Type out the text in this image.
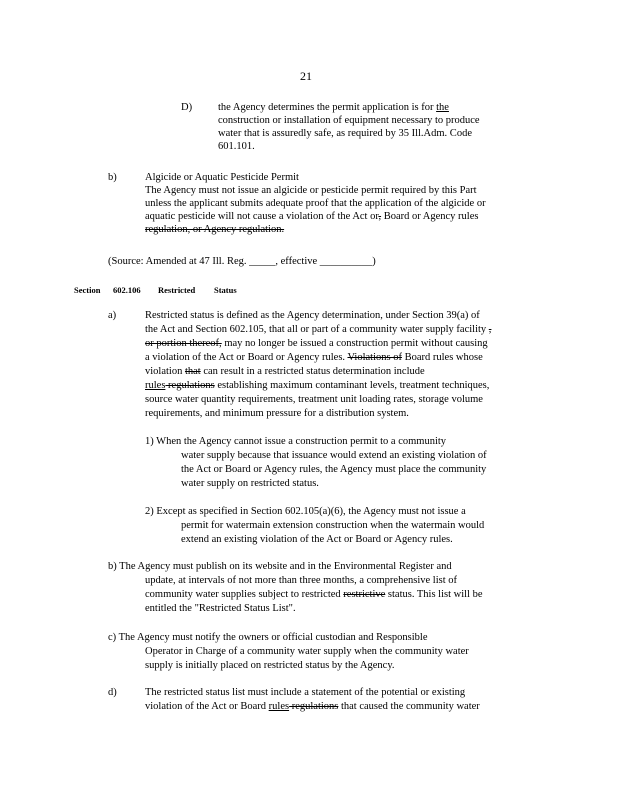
21
D) the Agency determines the permit application is for the
construction or installation of equipment necessary to produce
water that is assuredly safe, as required by 35 Ill.Adm. Code
601.101.
b)	Algicide or Aquatic Pesticide Permit
The Agency must not issue an algicide or pesticide permit required by this Part
unless the applicant submits adequate proof that the application of the algicide or
aquatic pesticide will not cause a violation of the Act or, Board or Agency rules
regulation, or Agency regulation.
(Source: Amended at 47 Ill. Reg. _____, effective __________)
Section 602.106 Restricted Status
a)	Restricted status is defined as the Agency determination, under Section 39(a) of
the Act and Section 602.105, that all or part of a community water supply facility ,
or portion thereof, may no longer be issued a construction permit without causing
a violation of the Act or Board or Agency rules. Violations of Board rules whose
violation that can result in a restricted status determination include
rules regulations establishing maximum contaminant levels, treatment techniques,
source water quantity requirements, treatment unit loading rates, storage volume
requirements, and minimum pressure for a distribution system.
1) When the Agency cannot issue a construction permit to a community
water supply because that issuance would extend an existing violation of
the Act or Board or Agency rules, the Agency must place the community
water supply on restricted status.
2) Except as specified in Section 602.105(a)(6), the Agency must not issue a
permit for watermain extension construction when the watermain would
extend an existing violation of the Act or Board or Agency rules.
b) The Agency must publish on its website and in the Environmental Register and
update, at intervals of not more than three months, a comprehensive list of
community water supplies subject to restricted restrictive status. This list will be
entitled the "Restricted Status List".
c) The Agency must notify the owners or official custodian and Responsible
Operator in Charge of a community water supply when the community water
supply is initially placed on restricted status by the Agency.
d)	The restricted status list must include a statement of the potential or existing
violation of the Act or Board rules regulations that caused the community water
